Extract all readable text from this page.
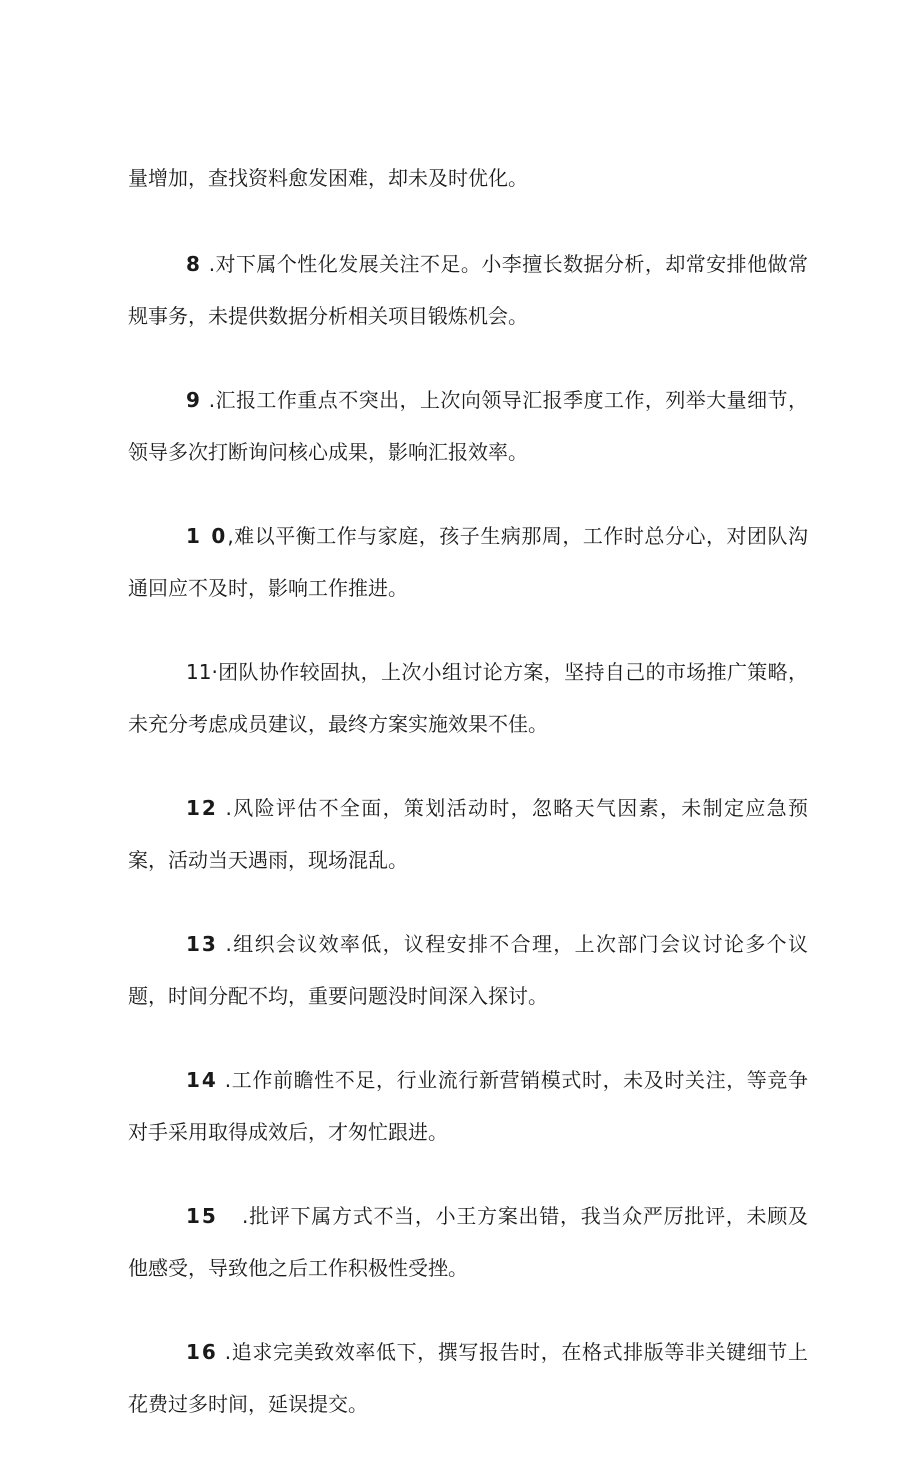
量增加，查找资料愈发困难，却未及时优化。

8 .对下属个性化发展关注不足。小李擅长数据分析，却常安排他做常规事务，未提供数据分析相关项目锻炼机会。

9 .汇报工作重点不突出，上次向领导汇报季度工作，列举大量细节，领导多次打断询问核心成果，影响汇报效率。

1 0,难以平衡工作与家庭，孩子生病那周，工作时总分心，对团队沟通回应不及时，影响工作推进。

11·团队协作较固执，上次小组讨论方案，坚持自己的市场推广策略，未充分考虑成员建议，最终方案实施效果不佳。

12 .风险评估不全面，策划活动时，忽略天气因素，未制定应急预案，活动当天遇雨，现场混乱。

13 .组织会议效率低，议程安排不合理，上次部门会议讨论多个议题，时间分配不均，重要问题没时间深入探讨。

14 .工作前瞻性不足，行业流行新营销模式时，未及时关注，等竞争对手采用取得成效后，才匆忙跟进。

15 .批评下属方式不当，小王方案出错，我当众严厉批评，未顾及他感受，导致他之后工作积极性受挫。

16 .追求完美致效率低下，撰写报告时，在格式排版等非关键细节上花费过多时间，延误提交。
